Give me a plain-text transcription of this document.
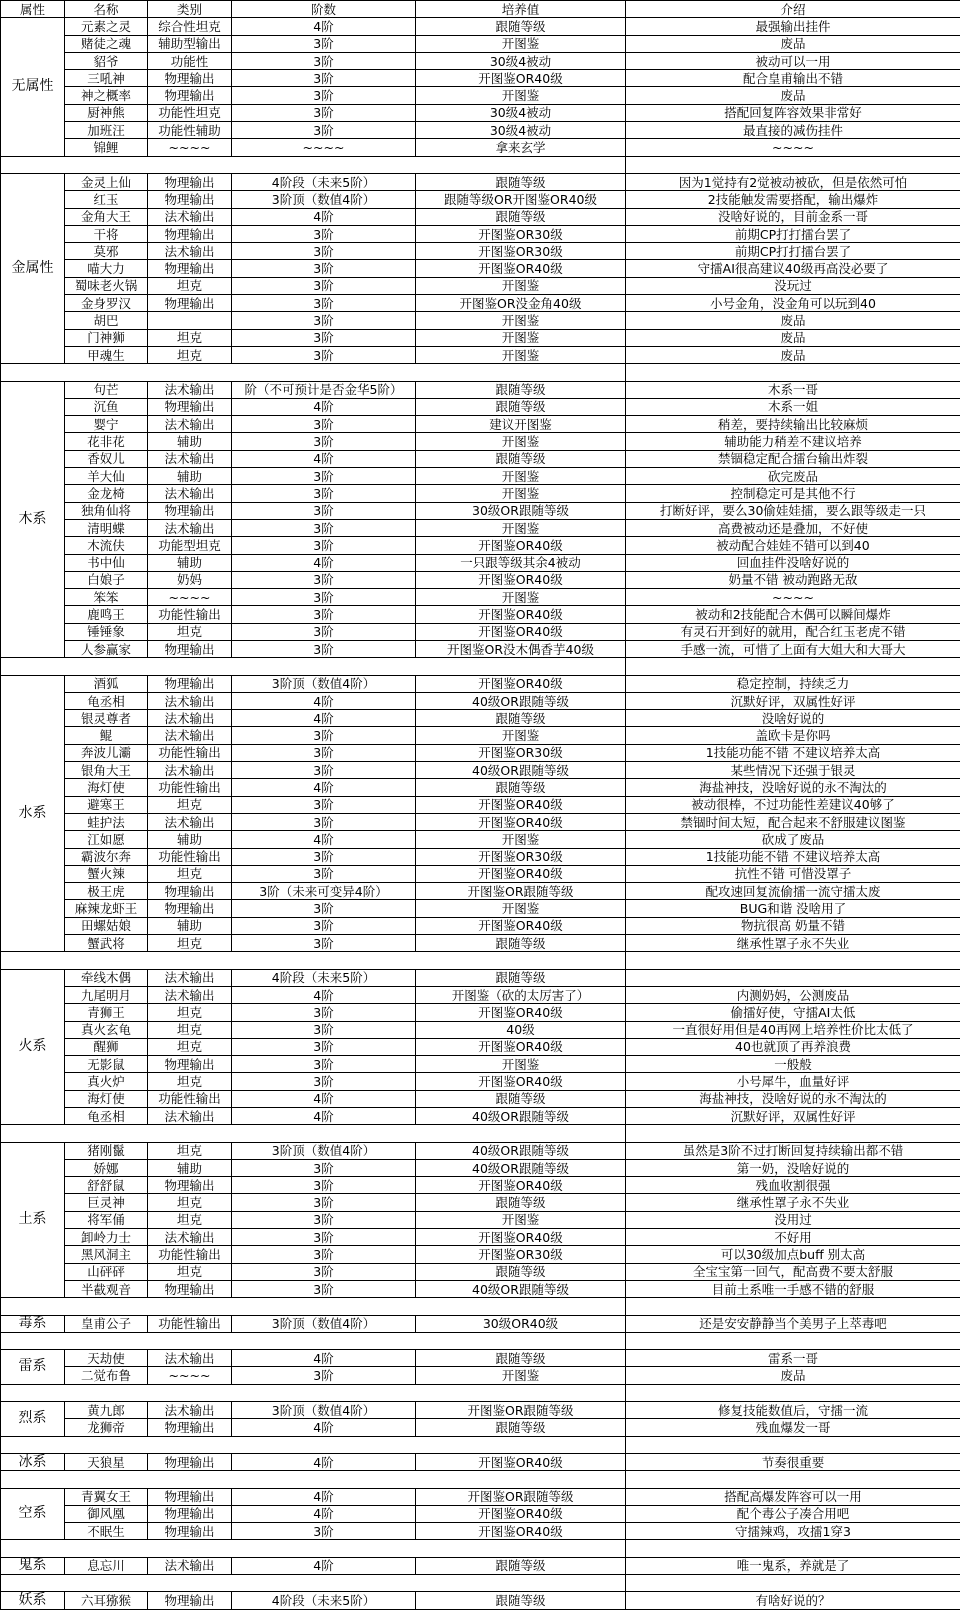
属性	名称	类别	阶数	培养值	介绍
无属性	元素之灵	综合性坦克	4阶	跟随等级	最强输出挂件
	赌徒之魂	辅助型输出	3阶	开图鉴	废品
	貂爷	功能性	3阶	30级4被动	被动可以一用
	三吼神	物理输出	3阶	开图鉴OR40级	配合皇甫输出不错
	神之概率	物理输出	3阶	开图鉴	废品
	厨神熊	功能性坦克	3阶	30级4被动	搭配回复阵容效果非常好
	加班汪	功能性辅助	3阶	30级4被动	最直接的减伤挂件
	锦鲤	~~~~	~~~~	拿来玄学	~~~~

金属性	金灵上仙	物理输出	4阶段（未来5阶）	跟随等级	因为1觉持有2觉被动被砍，但是依然可怕
	红玉	物理输出	3阶顶（数值4阶）	跟随等级OR开图鉴OR40级	2技能触发需要搭配，输出爆炸
	金角大王	法术输出	4阶	跟随等级	没啥好说的，目前金系一哥
	干将	物理输出	3阶	开图鉴OR30级	前期CP打打擂台罢了
	莫邪	法术输出	3阶	开图鉴OR30级	前期CP打打擂台罢了
	喵大力	物理输出	3阶	开图鉴OR40级	守擂AI很高建议40级再高没必要了
	蜀味老火锅	坦克	3阶	开图鉴	没玩过
	金身罗汉	物理输出	3阶	开图鉴OR没金角40级	小号金角，没金角可以玩到40
	胡巴		3阶	开图鉴	废品
	门神狮	坦克	3阶	开图鉴	废品
	甲魂生	坦克	3阶	开图鉴	废品

木系	句芒	法术输出	阶（不可预计是否金华5阶）	跟随等级	木系一哥
	沉鱼	物理输出	4阶	跟随等级	木系一姐
	婴宁	法术输出	3阶	建议开图鉴	稍差，要持续输出比较麻烦
	花非花	辅助	3阶	开图鉴	辅助能力稍差不建议培养
	香奴儿	法术输出	4阶	跟随等级	禁锢稳定配合擂台输出炸裂
	羊大仙	辅助	3阶	开图鉴	砍完废品
	金龙椅	法术输出	3阶	开图鉴	控制稳定可是其他不行
	独角仙将	物理输出	3阶	30级OR跟随等级	打断好评，要么30偷娃娃擂，要么跟等级走一只
	清明蝶	法术输出	3阶	开图鉴	高费被动还是叠加，不好使
	木流伕	功能型坦克	3阶	开图鉴OR40级	被动配合娃娃不错可以到40
	书中仙	辅助	4阶	一只跟等级其余4被动	回血挂件没啥好说的
	白娘子	奶妈	3阶	开图鉴OR40级	奶量不错 被动跑路无敌
	笨笨	~~~~	3阶	开图鉴	~~~~
	鹿鸣王	功能性输出	3阶	开图鉴OR40级	被动和2技能配合木偶可以瞬间爆炸
	锤锤象	坦克	3阶	开图鉴OR40级	有灵石开到好的就用，配合红玉老虎不错
	人参赢家	物理输出	3阶	开图鉴OR没木偶香芋40级	手感一流，可惜了上面有大姐大和大哥大

水系	酒狐	物理输出	3阶顶（数值4阶）	开图鉴OR40级	稳定控制，持续乏力
	龟丞相	法术输出	4阶	40级OR跟随等级	沉默好评，双属性好评
	银灵尊者	法术输出	4阶	跟随等级	没啥好说的
	鲲	法术输出	3阶	开图鉴	盖欧卡是你吗
	奔波儿灞	功能性输出	3阶	开图鉴OR30级	1技能功能不错 不建议培养太高
	银角大王	法术输出	3阶	40级OR跟随等级	某些情况下还强于银灵
	海灯使	功能性输出	4阶	跟随等级	海盐神技，没啥好说的永不淘汰的
	避寒王	坦克	3阶	开图鉴OR40级	被动很棒，不过功能性差建议40够了
	蛙护法	法术输出	3阶	开图鉴OR40级	禁锢时间太短，配合起来不舒服建议图鉴
	江如愿	辅助	4阶	开图鉴	砍成了废品
	霸波尔奔	功能性输出	3阶	开图鉴OR30级	1技能功能不错 不建议培养太高
	蟹火辣	坦克	3阶	开图鉴OR40级	抗性不错 可惜没罩子
	极王虎	物理输出	3阶（未来可变异4阶）	开图鉴OR跟随等级	配攻速回复流偷擂一流守擂太废
	麻辣龙虾王	物理输出	3阶	开图鉴	BUG和谐 没啥用了
	田螺姑娘	辅助	3阶	开图鉴OR40级	物抗很高 奶量不错
	蟹武将	坦克	3阶	跟随等级	继承性罩子永不失业

火系	牵线木偶	法术输出	4阶段（未来5阶）	跟随等级	
	九尾明月	法术输出	4阶	开图鉴（砍的太厉害了）	内测奶妈，公测废品
	青狮王	坦克	3阶	开图鉴OR40级	偷擂好使，守擂AI太低
	真火玄龟	坦克	3阶	40级	一直很好用但是40再网上培养性价比太低了
	醒狮	坦克	3阶	开图鉴OR40级	40也就顶了再养浪费
	无影鼠	物理输出	3阶	开图鉴	一般般
	真火炉	坦克	3阶	开图鉴OR40级	小号犀牛，血量好评
	海灯使	功能性输出	4阶	跟随等级	海盐神技，没啥好说的永不淘汰的
	龟丞相	法术输出	4阶	40级OR跟随等级	沉默好评，双属性好评

土系	猪刚鬣	坦克	3阶顶（数值4阶）	40级OR跟随等级	虽然是3阶不过打断回复持续输出都不错
	娇娜	辅助	3阶	40级OR跟随等级	第一奶，没啥好说的
	舒舒鼠	物理输出	3阶	开图鉴OR40级	残血收割很强
	巨灵神	坦克	3阶	跟随等级	继承性罩子永不失业
	将军俑	坦克	3阶	开图鉴	没用过
	卸岭力士	法术输出	3阶	开图鉴OR40级	不好用
	黑风洞主	功能性输出	3阶	开图鉴OR30级	可以30级加点buff 别太高
	山砰砰	坦克	3阶	跟随等级	全宝宝第一回气，配高费不要太舒服
	半截观音	物理输出	3阶	40级OR跟随等级	目前土系唯一手感不错的舒服

毒系	皇甫公子	功能性输出	3阶顶（数值4阶）	30级OR40级	还是安安静静当个美男子上萃毒吧

雷系	天劫使	法术输出	4阶	跟随等级	雷系一哥
	二觉布鲁	~~~~	3阶	开图鉴	废品

烈系	黄九郎	法术输出	3阶顶（数值4阶）	开图鉴OR跟随等级	修复技能数值后，守擂一流
	龙狮帝	物理输出	4阶	跟随等级	残血爆发一哥

冰系	天狼星	物理输出	4阶	开图鉴OR40级	节奏很重要

空系	青翼女王	物理输出	4阶	开图鉴OR跟随等级	搭配高爆发阵容可以一用
	御风凰	物理输出	4阶	开图鉴OR40级	配个毒公子凑合用吧
	不眠生	物理输出	3阶	开图鉴OR40级	守擂辣鸡，攻擂1穿3

鬼系	息忘川	法术输出	4阶	跟随等级	唯一鬼系，养就是了

妖系	六耳猕猴	物理输出	4阶段（未来5阶）	跟随等级	有啥好说的？
